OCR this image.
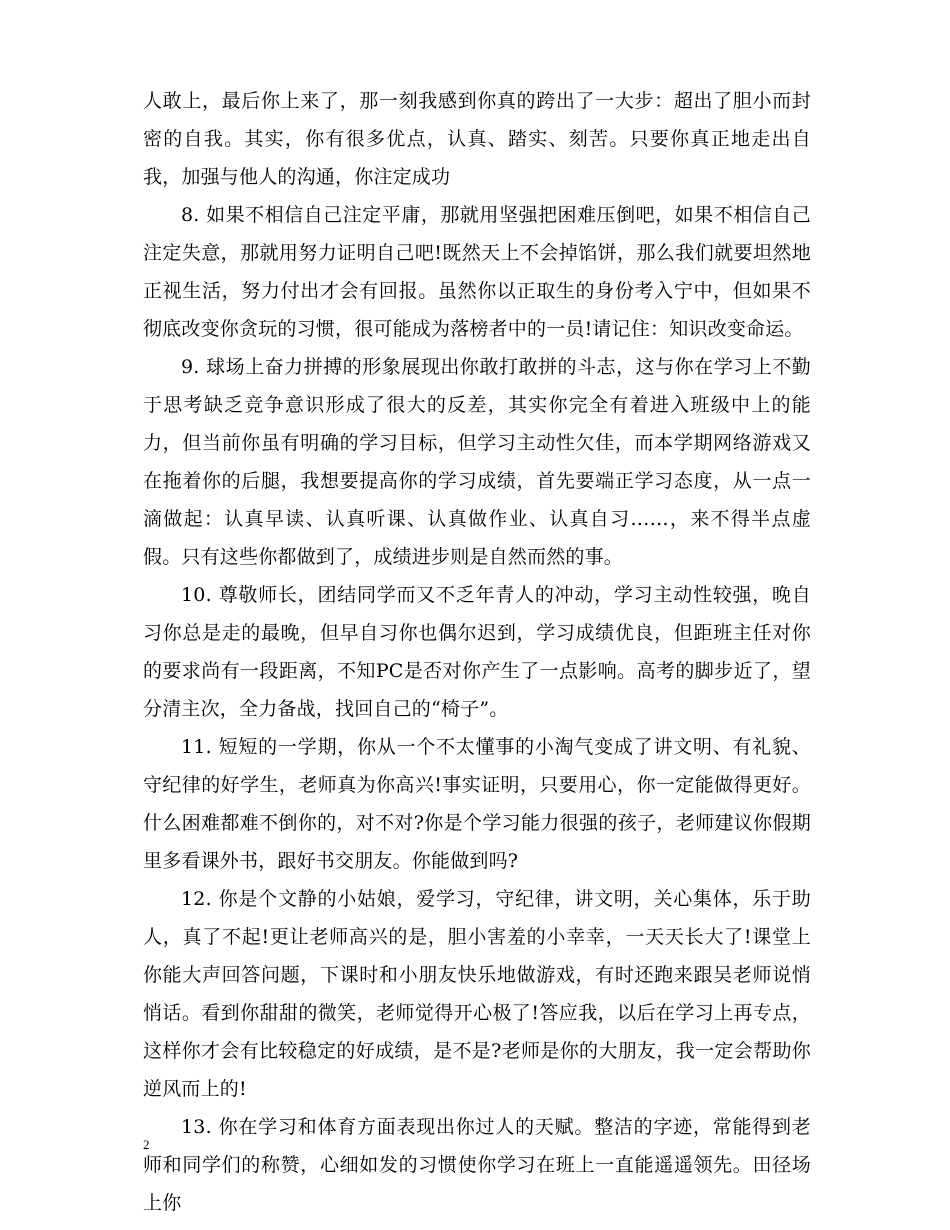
人敢上，最后你上来了，那一刻我感到你真的跨出了一大步：超出了胆小而封密的自我。其实，你有很多优点，认真、踏实、刻苦。只要你真正地走出自我，加强与他人的沟通，你注定成功

8. 如果不相信自己注定平庸，那就用坚强把困难压倒吧，如果不相信自己注定失意，那就用努力证明自己吧!既然天上不会掉馅饼，那么我们就要坦然地正视生活，努力付出才会有回报。虽然你以正取生的身份考入宁中，但如果不彻底改变你贪玩的习惯，很可能成为落榜者中的一员!请记住：知识改变命运。

9. 球场上奋力拼搏的形象展现出你敢打敢拼的斗志，这与你在学习上不勤于思考缺乏竞争意识形成了很大的反差，其实你完全有着进入班级中上的能力，但当前你虽有明确的学习目标，但学习主动性欠佳，而本学期网络游戏又在拖着你的后腿，我想要提高你的学习成绩，首先要端正学习态度，从一点一滴做起：认真早读、认真听课、认真做作业、认真自习……，来不得半点虚假。只有这些你都做到了，成绩进步则是自然而然的事。

10. 尊敬师长，团结同学而又不乏年青人的冲动，学习主动性较强，晚自习你总是走的最晚，但早自习你也偶尔迟到，学习成绩优良，但距班主任对你的要求尚有一段距离，不知PC是否对你产生了一点影响。高考的脚步近了，望分清主次，全力备战，找回自己的“椅子”。

11. 短短的一学期，你从一个不太懂事的小淘气变成了讲文明、有礼貌、守纪律的好学生，老师真为你高兴!事实证明，只要用心，你一定能做得更好。什么困难都难不倒你的，对不对?你是个学习能力很强的孩子，老师建议你假期里多看课外书，跟好书交朋友。你能做到吗?

12. 你是个文静的小姑娘，爱学习，守纪律，讲文明，关心集体，乐于助人，真了不起!更让老师高兴的是，胆小害羞的小幸幸，一天天长大了!课堂上你能大声回答问题，下课时和小朋友快乐地做游戏，有时还跑来跟吴老师说悄悄话。看到你甜甜的微笑，老师觉得开心极了!答应我，以后在学习上再专点，这样你才会有比较稳定的好成绩，是不是?老师是你的大朋友，我一定会帮助你逆风而上的!

13. 你在学习和体育方面表现出你过人的天赋。整洁的字迹，常能得到老师和同学们的称赞，心细如发的习惯使你学习在班上一直能遥遥领先。田径场上你

2
